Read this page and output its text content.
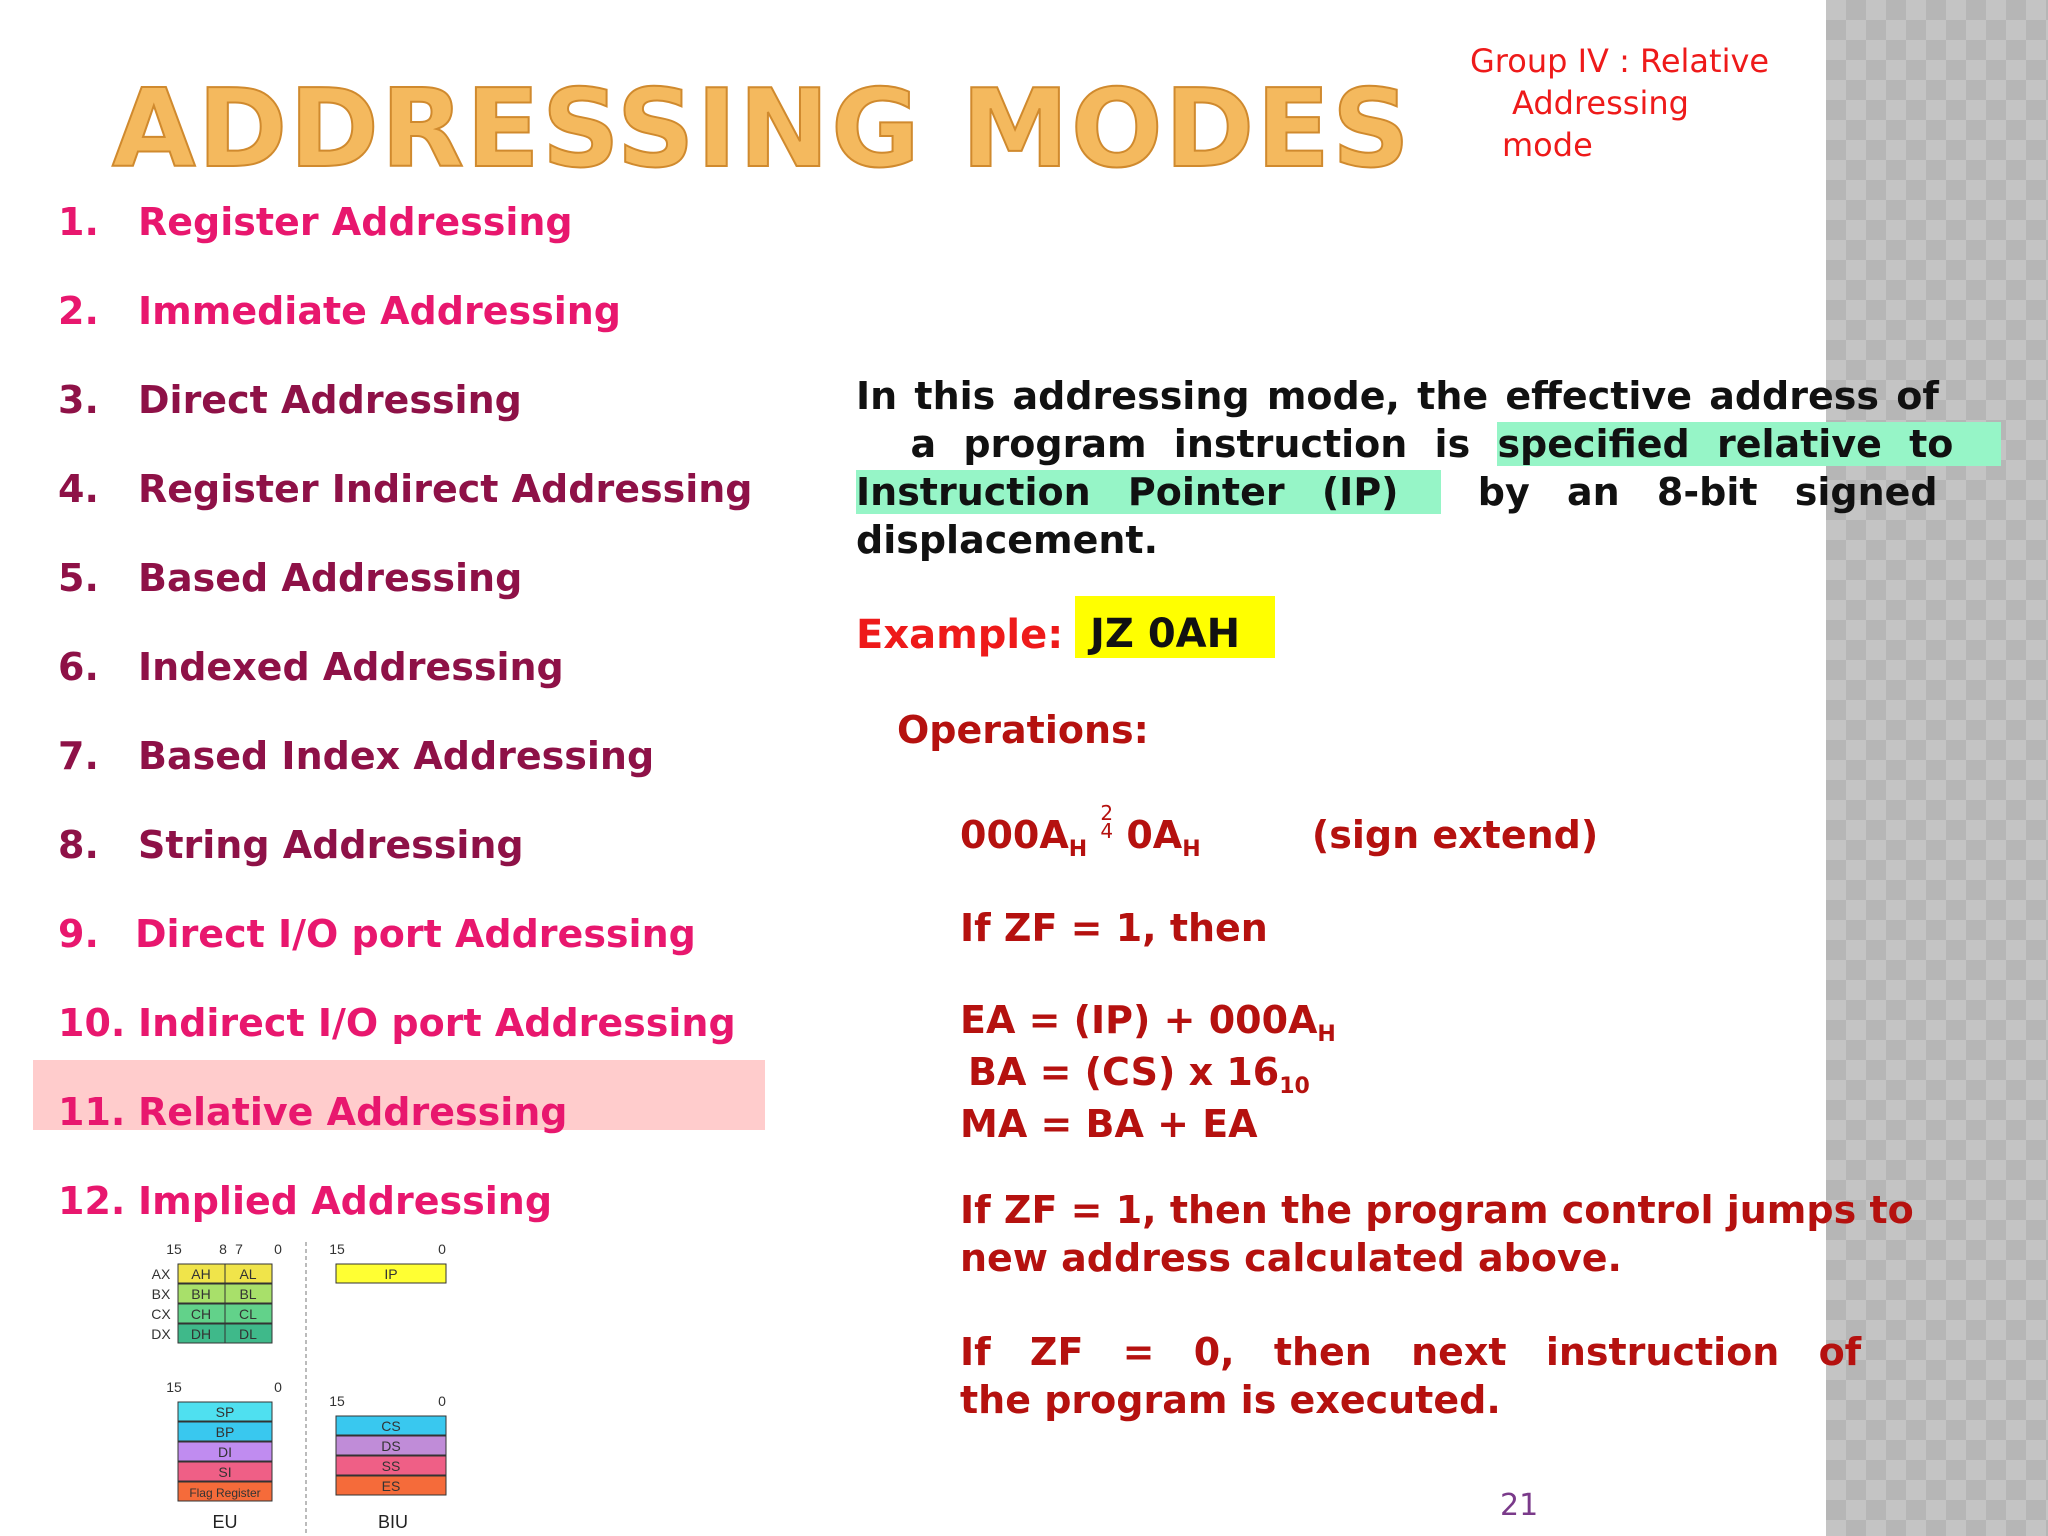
ADDRESSING MODES
Group IV : Relative
Addressing
mode
1. Register Addressing
2. Immediate Addressing
3. Direct Addressing
4. Register Indirect Addressing
5. Based Addressing
6. Indexed Addressing
7. Based Index Addressing
8. String Addressing
9. Direct I/O port Addressing
10. Indirect I/O port Addressing
11. Relative Addressing
12. Implied Addressing
In this addressing mode, the effective address of
a program instruction is specified relative to
Instruction Pointer (IP) by an 8-bit signed
displacement.
Example: JZ 0AH
Operations:
$000A_H$ 2
4 $0A_H$	(sign extend)
If ZF = 1, then
EA = $(IP) + 000A_H$
BA = (CS) x $16_{10}$
MA = BA + EA
If ZF = 1, then the program control jumps to
new address calculated above.
If ZF = 0, then next instruction of
the program is executed.
21
15	8 7 0
AX AH AL
BX BH BL
CX CH CL
DX DH DL
15	0
SP
BP
DI
SI
Flag Register
EU
15	0
IP
15	0
CS
DS
SS
ES
BIU
